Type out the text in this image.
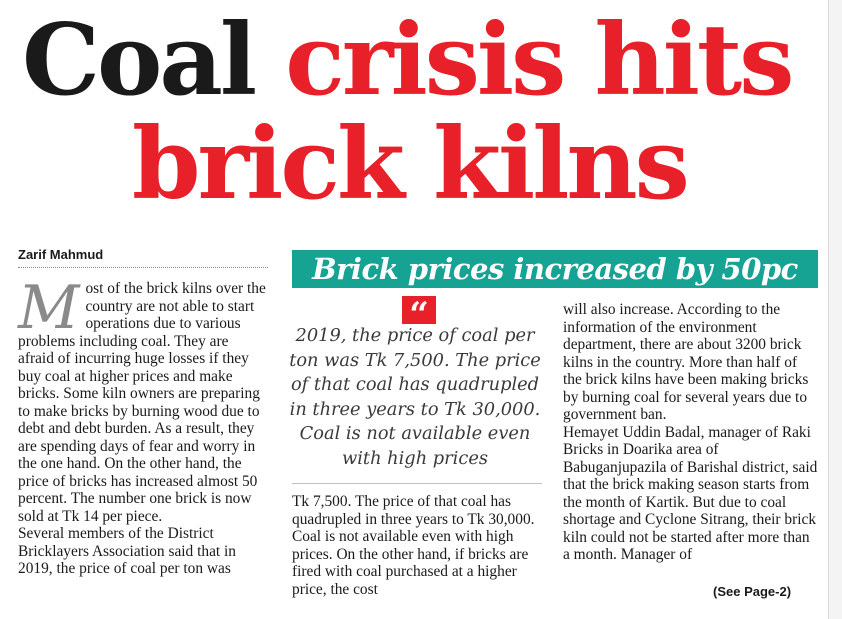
Coal crisis hits
brick kilns
Zarif Mahmud	Brick prices increased by 50pc
M ost of the brick kilns over the country are not able to start operations due to various problems including coal. They are afraid of incurring huge losses if they buy coal at higher prices and make bricks. Some kiln owners are preparing to make bricks by burning wood due to debt and debt burden. As a result, they are spending days of fear and worry in the one hand. On the other hand, the price of bricks has increased almost 50 percent. The number one brick is now sold at Tk 14 per piece.
Several members of the District Bricklayers Association said that in 2019, the price of coal per ton was
“
2019, the price of coal per ton was Tk 7,500. The price of that coal has quadrupled in three years to Tk 30,000. Coal is not available even with high prices
Tk 7,500. The price of that coal has quadrupled in three years to Tk 30,000. Coal is not available even with high prices. On the other hand, if bricks are fired with coal purchased at a higher price, the cost
will also increase. According to the information of the environment department, there are about 3200 brick kilns in the country. More than half of the brick kilns have been making bricks by burning coal for several years due to government ban.
Hemayet Uddin Badal, manager of Raki Bricks in Doarika area of Babuganjupazila of Barishal district, said that the brick making season starts from the month of Kartik. But due to coal shortage and Cyclone Sitrang, their brick kiln could not be started after more than a month. Manager of
(See Page-2)
